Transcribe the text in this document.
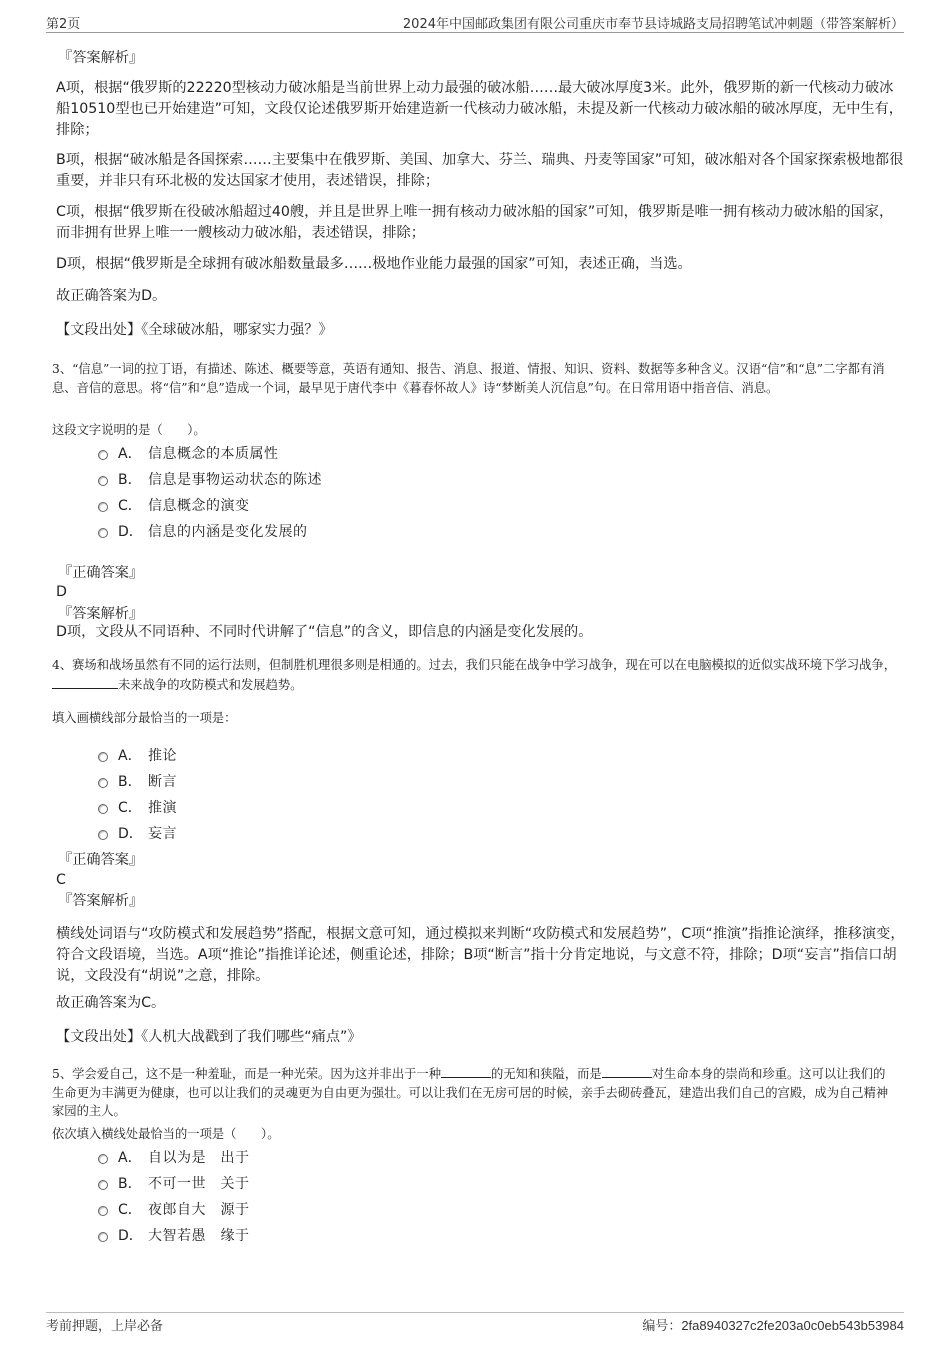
第2页	2024年中国邮政集团有限公司重庆市奉节县诗城路支局招聘笔试冲刺题（带答案解析）
『答案解析』

A项，根据“俄罗斯的22220型核动力破冰船是当前世界上动力最强的破冰船……最大破冰厚度3米。此外，俄罗斯的新一代核动力破冰船10510型也已开始建造”可知，文段仅论述俄罗斯开始建造新一代核动力破冰船，未提及新一代核动力破冰船的破冰厚度，无中生有，排除；

B项，根据“破冰船是各国探索……主要集中在俄罗斯、美国、加拿大、芬兰、瑞典、丹麦等国家”可知，破冰船对各个国家探索极地都很重要，并非只有环北极的发达国家才使用，表述错误，排除；

C项，根据“俄罗斯在役破冰船超过40艘，并且是世界上唯一拥有核动力破冰船的国家”可知，俄罗斯是唯一拥有核动力破冰船的国家，而非拥有世界上唯一一艘核动力破冰船，表述错误，排除；

D项，根据“俄罗斯是全球拥有破冰船数量最多……极地作业能力最强的国家”可知，表述正确，当选。

故正确答案为D。

【文段出处】《全球破冰船，哪家实力强？》

3、“信息”一词的拉丁语，有描述、陈述、概要等意，英语有通知、报告、消息、报道、情报、知识、资料、数据等多种含义。汉语“信”和“息”二字都有消息、音信的意思。将“信”和“息”造成一个词，最早见于唐代李中《暮春怀故人》诗“梦断美人沉信息”句。在日常用语中指音信、消息。

这段文字说明的是（　　）。

A． 信息概念的本质属性
B． 信息是事物运动状态的陈述
C． 信息概念的演变
D． 信息的内涵是变化发展的
『正确答案』
D
『答案解析』
D项，文段从不同语种、不同时代讲解了“信息”的含义，即信息的内涵是变化发展的。

4、赛场和战场虽然有不同的运行法则，但制胜机理很多则是相通的。过去，我们只能在战争中学习战争，现在可以在电脑模拟的近似实战环境下学习战争，未来战争的攻防模式和发展趋势。

填入画横线部分最恰当的一项是：

A． 推论
B． 断言
C． 推演
D． 妄言
『正确答案』
C
『答案解析』

横线处词语与“攻防模式和发展趋势”搭配，根据文意可知，通过模拟来判断“攻防模式和发展趋势”，C项“推演”指推论演绎，推移演变，符合文段语境，当选。A项“推论”指推详论述，侧重论述，排除；B项“断言”指十分肯定地说，与文意不符，排除；D项“妄言”指信口胡说，文段没有“胡说”之意，排除。

故正确答案为C。

【文段出处】《人机大战戳到了我们哪些“痛点”》

5、学会爱自己，这不是一种羞耻，而是一种光荣。因为这并非出于一种	的无知和狭隘，而是	对生命本身的崇尚和珍重。这可以让我们的生命更为丰满更为健康，也可以让我们的灵魂更为自由更为强壮。可以让我们在无房可居的时候，亲手去砌砖叠瓦，建造出我们自己的宫殿，成为自己精神家园的主人。

依次填入横线处最恰当的一项是（　　）。

A． 自以为是　出于
B． 不可一世　关于
C． 夜郎自大　源于
D． 大智若愚　缘于
考前押题，上岸必备	编号：2fa8940327c2fe203a0c0eb543b53984
